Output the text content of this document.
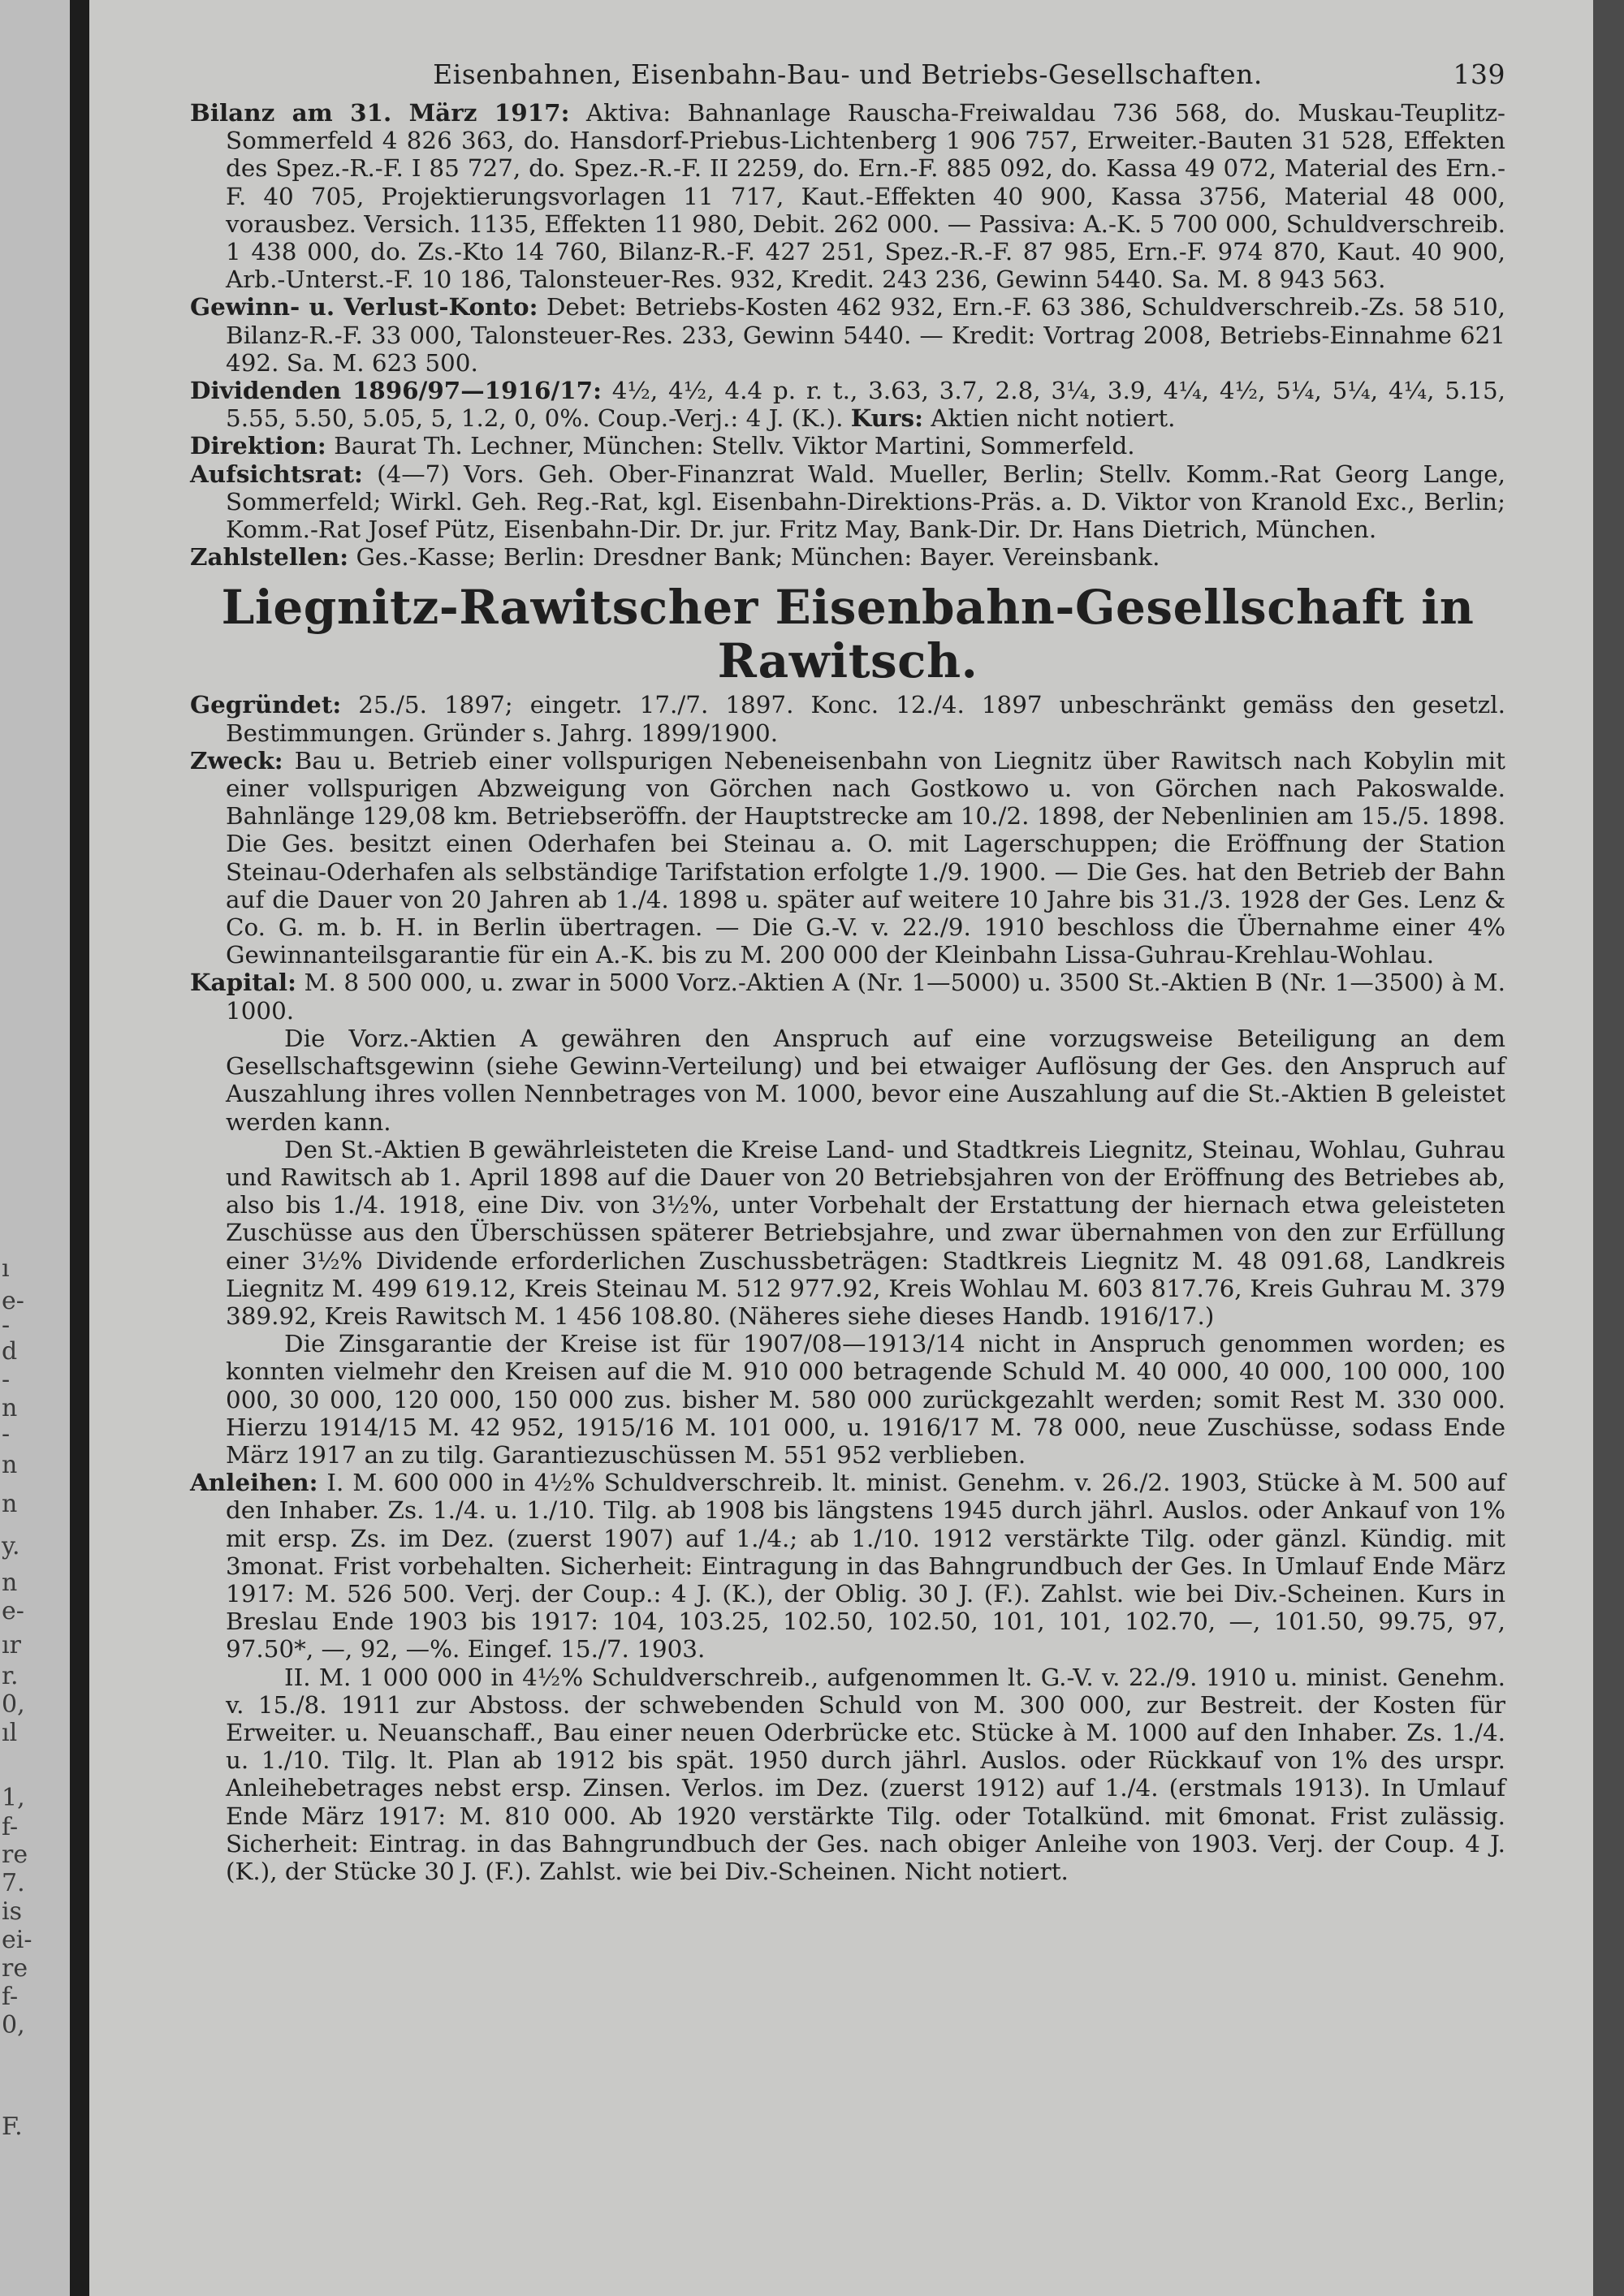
ı
e-
-
d
-
n
-
n
n
y.
n
e-
ır
r.
0,
ıl
1,
f-
re
7.
is
ei-
re
f-
0,
F.
Eisenbahnen, Eisenbahn-Bau- und Betriebs-Gesellschaften.	139

Bilanz am 31. März 1917: Aktiva: Bahnanlage Rauscha-Freiwaldau 736 568, do. Muskau-Teuplitz-Sommerfeld 4 826 363, do. Hansdorf-Priebus-Lichtenberg 1 906 757, Erweiter.-Bauten 31 528, Effekten des Spez.-R.-F. I 85 727, do. Spez.-R.-F. II 2259, do. Ern.-F. 885 092, do. Kassa 49 072, Material des Ern.-F. 40 705, Projektierungsvorlagen 11 717, Kaut.-Effekten 40 900, Kassa 3756, Material 48 000, vorausbez. Versich. 1135, Effekten 11 980, Debit. 262 000. — Passiva: A.-K. 5 700 000, Schuldverschreib. 1 438 000, do. Zs.-Kto 14 760, Bilanz-R.-F. 427 251, Spez.-R.-F. 87 985, Ern.-F. 974 870, Kaut. 40 900, Arb.-Unterst.-F. 10 186, Talonsteuer-Res. 932, Kredit. 243 236, Gewinn 5440. Sa. M. 8 943 563.

Gewinn- u. Verlust-Konto: Debet: Betriebs-Kosten 462 932, Ern.-F. 63 386, Schuldverschreib.-Zs. 58 510, Bilanz-R.-F. 33 000, Talonsteuer-Res. 233, Gewinn 5440. — Kredit: Vortrag 2008, Betriebs-Einnahme 621 492. Sa. M. 623 500.

Dividenden 1896/97—1916/17: 4½, 4½, 4.4 p. r. t., 3.63, 3.7, 2.8, 3¼, 3.9, 4¼, 4½, 5¼, 5¼, 4¼, 5.15, 5.55, 5.50, 5.05, 5, 1.2, 0, 0%. Coup.-Verj.: 4 J. (K.). Kurs: Aktien nicht notiert.

Direktion: Baurat Th. Lechner, München: Stellv. Viktor Martini, Sommerfeld.

Aufsichtsrat: (4—7) Vors. Geh. Ober-Finanzrat Wald. Mueller, Berlin; Stellv. Komm.-Rat Georg Lange, Sommerfeld; Wirkl. Geh. Reg.-Rat, kgl. Eisenbahn-Direktions-Präs. a. D. Viktor von Kranold Exc., Berlin; Komm.-Rat Josef Pütz, Eisenbahn-Dir. Dr. jur. Fritz May, Bank-Dir. Dr. Hans Dietrich, München.

Zahlstellen: Ges.-Kasse; Berlin: Dresdner Bank; München: Bayer. Vereinsbank.

Liegnitz-Rawitscher Eisenbahn-Gesellschaft in Rawitsch.

Gegründet: 25./5. 1897; eingetr. 17./7. 1897. Konc. 12./4. 1897 unbeschränkt gemäss den gesetzl. Bestimmungen. Gründer s. Jahrg. 1899/1900.

Zweck: Bau u. Betrieb einer vollspurigen Nebeneisenbahn von Liegnitz über Rawitsch nach Kobylin mit einer vollspurigen Abzweigung von Görchen nach Gostkowo u. von Görchen nach Pakoswalde. Bahnlänge 129,08 km. Betriebseröffn. der Hauptstrecke am 10./2. 1898, der Nebenlinien am 15./5. 1898. Die Ges. besitzt einen Oderhafen bei Steinau a. O. mit Lagerschuppen; die Eröffnung der Station Steinau-Oderhafen als selbständige Tarifstation erfolgte 1./9. 1900. — Die Ges. hat den Betrieb der Bahn auf die Dauer von 20 Jahren ab 1./4. 1898 u. später auf weitere 10 Jahre bis 31./3. 1928 der Ges. Lenz & Co. G. m. b. H. in Berlin übertragen. — Die G.-V. v. 22./9. 1910 beschloss die Übernahme einer 4% Gewinnanteilsgarantie für ein A.-K. bis zu M. 200 000 der Kleinbahn Lissa-Guhrau-Krehlau-Wohlau.

Kapital: M. 8 500 000, u. zwar in 5000 Vorz.-Aktien A (Nr. 1—5000) u. 3500 St.-Aktien B (Nr. 1—3500) à M. 1000.

Die Vorz.-Aktien A gewähren den Anspruch auf eine vorzugsweise Beteiligung an dem Gesellschaftsgewinn (siehe Gewinn-Verteilung) und bei etwaiger Auflösung der Ges. den Anspruch auf Auszahlung ihres vollen Nennbetrages von M. 1000, bevor eine Auszahlung auf die St.-Aktien B geleistet werden kann.

Den St.-Aktien B gewährleisteten die Kreise Land- und Stadtkreis Liegnitz, Steinau, Wohlau, Guhrau und Rawitsch ab 1. April 1898 auf die Dauer von 20 Betriebsjahren von der Eröffnung des Betriebes ab, also bis 1./4. 1918, eine Div. von 3½%, unter Vorbehalt der Erstattung der hiernach etwa geleisteten Zuschüsse aus den Überschüssen späterer Betriebsjahre, und zwar übernahmen von den zur Erfüllung einer 3½% Dividende erforderlichen Zuschussbeträgen: Stadtkreis Liegnitz M. 48 091.68, Landkreis Liegnitz M. 499 619.12, Kreis Steinau M. 512 977.92, Kreis Wohlau M. 603 817.76, Kreis Guhrau M. 379 389.92, Kreis Rawitsch M. 1 456 108.80. (Näheres siehe dieses Handb. 1916/17.)

Die Zinsgarantie der Kreise ist für 1907/08—1913/14 nicht in Anspruch genommen worden; es konnten vielmehr den Kreisen auf die M. 910 000 betragende Schuld M. 40 000, 40 000, 100 000, 100 000, 30 000, 120 000, 150 000 zus. bisher M. 580 000 zurückgezahlt werden; somit Rest M. 330 000. Hierzu 1914/15 M. 42 952, 1915/16 M. 101 000, u. 1916/17 M. 78 000, neue Zuschüsse, sodass Ende März 1917 an zu tilg. Garantiezuschüssen M. 551 952 verblieben.

Anleihen: I. M. 600 000 in 4½% Schuldverschreib. lt. minist. Genehm. v. 26./2. 1903, Stücke à M. 500 auf den Inhaber. Zs. 1./4. u. 1./10. Tilg. ab 1908 bis längstens 1945 durch jährl. Auslos. oder Ankauf von 1% mit ersp. Zs. im Dez. (zuerst 1907) auf 1./4.; ab 1./10. 1912 verstärkte Tilg. oder gänzl. Kündig. mit 3monat. Frist vorbehalten. Sicherheit: Eintragung in das Bahngrundbuch der Ges. In Umlauf Ende März 1917: M. 526 500. Verj. der Coup.: 4 J. (K.), der Oblig. 30 J. (F.). Zahlst. wie bei Div.-Scheinen. Kurs in Breslau Ende 1903 bis 1917: 104, 103.25, 102.50, 102.50, 101, 101, 102.70, —, 101.50, 99.75, 97, 97.50*, —, 92, —%. Eingef. 15./7. 1903.

II. M. 1 000 000 in 4½% Schuldverschreib., aufgenommen lt. G.-V. v. 22./9. 1910 u. minist. Genehm. v. 15./8. 1911 zur Abstoss. der schwebenden Schuld von M. 300 000, zur Bestreit. der Kosten für Erweiter. u. Neuanschaff., Bau einer neuen Oderbrücke etc. Stücke à M. 1000 auf den Inhaber. Zs. 1./4. u. 1./10. Tilg. lt. Plan ab 1912 bis spät. 1950 durch jährl. Auslos. oder Rückkauf von 1% des urspr. Anleihebetrages nebst ersp. Zinsen. Verlos. im Dez. (zuerst 1912) auf 1./4. (erstmals 1913). In Umlauf Ende März 1917: M. 810 000. Ab 1920 verstärkte Tilg. oder Totalkünd. mit 6monat. Frist zulässig. Sicherheit: Eintrag. in das Bahngrundbuch der Ges. nach obiger Anleihe von 1903. Verj. der Coup. 4 J. (K.), der Stücke 30 J. (F.). Zahlst. wie bei Div.-Scheinen. Nicht notiert.
